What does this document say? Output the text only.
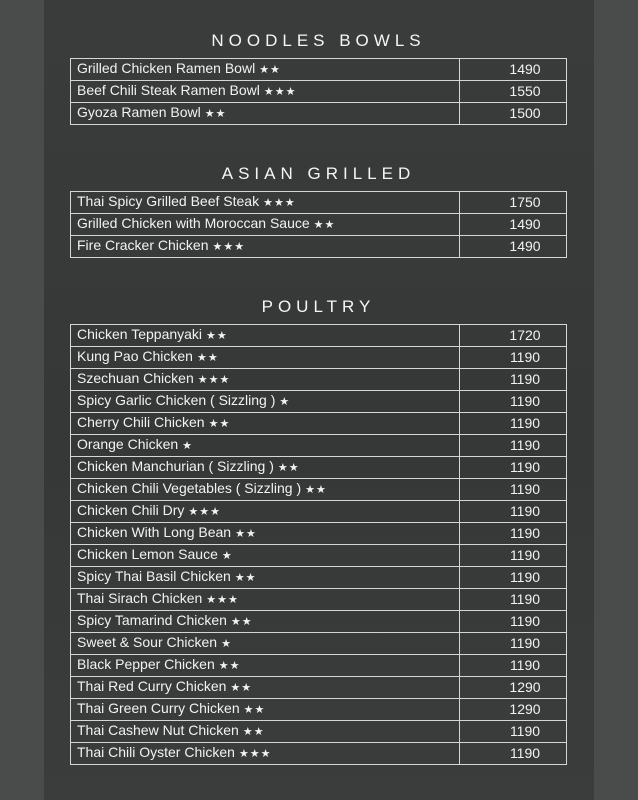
NOODLES BOWLS
Grilled Chicken Ramen Bowl ★★	1490
Beef Chili Steak Ramen Bowl ★★★	1550
Gyoza Ramen Bowl ★★	1500
ASIAN GRILLED
Thai Spicy Grilled Beef Steak ★★★	1750
Grilled Chicken with Moroccan Sauce ★★	1490
Fire Cracker Chicken ★★★	1490
POULTRY
Chicken Teppanyaki ★★	1720
Kung Pao Chicken ★★	1190
Szechuan Chicken ★★★	1190
Spicy Garlic Chicken ( Sizzling ) ★	1190
Cherry Chili Chicken ★★	1190
Orange Chicken ★	1190
Chicken Manchurian ( Sizzling ) ★★	1190
Chicken Chili Vegetables ( Sizzling ) ★★	1190
Chicken Chili Dry ★★★	1190
Chicken With Long Bean ★★	1190
Chicken Lemon Sauce ★	1190
Spicy Thai Basil Chicken ★★	1190
Thai Sirach Chicken ★★★	1190
Spicy Tamarind Chicken ★★	1190
Sweet & Sour Chicken ★	1190
Black Pepper Chicken ★★	1190
Thai Red Curry Chicken ★★	1290
Thai Green Curry Chicken ★★	1290
Thai Cashew Nut Chicken ★★	1190
Thai Chili Oyster Chicken ★★★	1190
